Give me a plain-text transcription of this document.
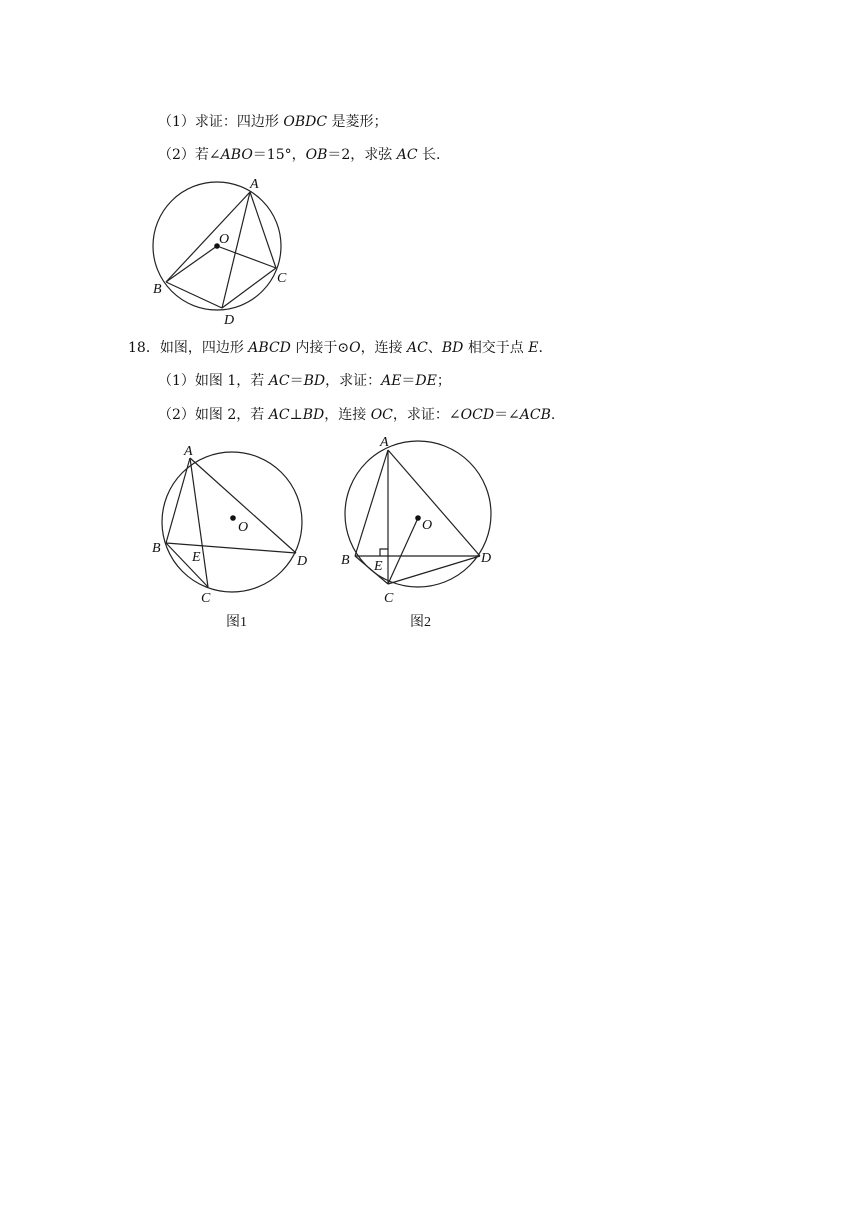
（1）求证：四边形 OBDC 是菱形；
（2）若∠ABO＝15°，OB＝2，求弦 AC 长.
A
O
B
C
D
18．如图，四边形 ABCD 内接于⊙O，连接 AC、BD 相交于点 E.
（1）如图 1，若 AC＝BD，求证：AE＝DE；
（2）如图 2，若 AC⊥BD，连接 OC，求证：∠OCD＝∠ACB.
A
O
B
E	D
C
图1
A
O
B E
D
C
图2
